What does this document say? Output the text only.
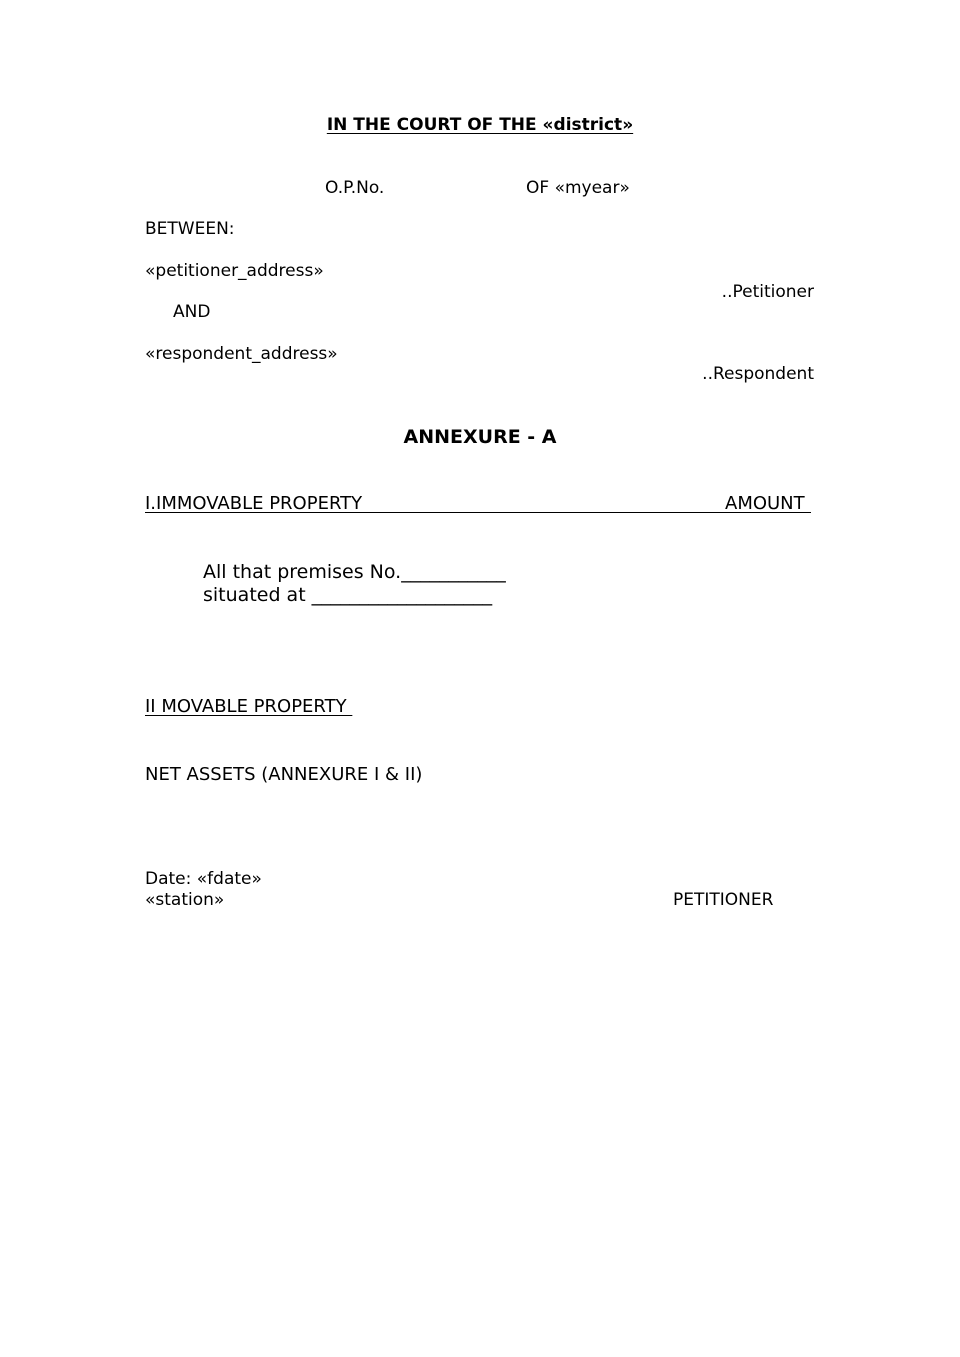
IN THE COURT OF THE «district»
O.P.No.	OF «myear»
BETWEEN:
«petitioner_address»
..Petitioner
AND
«respondent_address»
..Respondent
ANNEXURE - A
I.IMMOVABLE PROPERTY	AMOUNT
All that premises No.___________
situated at ___________________
II MOVABLE PROPERTY
NET ASSETS (ANNEXURE I & II)
Date: «fdate»
«station»	PETITIONER
